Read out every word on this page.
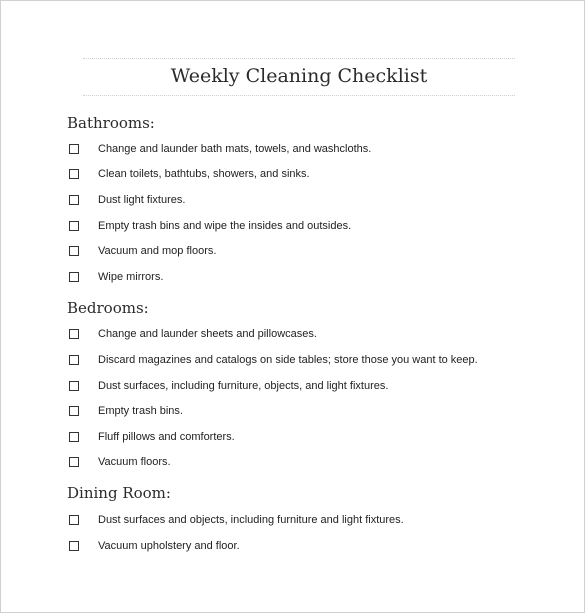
Weekly Cleaning Checklist
Bathrooms:
Change and launder bath mats, towels, and washcloths.
Clean toilets, bathtubs, showers, and sinks.
Dust light fixtures.
Empty trash bins and wipe the insides and outsides.
Vacuum and mop floors.
Wipe mirrors.
Bedrooms:
Change and launder sheets and pillowcases.
Discard magazines and catalogs on side tables; store those you want to keep.
Dust surfaces, including furniture, objects, and light fixtures.
Empty trash bins.
Fluff pillows and comforters.
Vacuum floors.
Dining Room:
Dust surfaces and objects, including furniture and light fixtures.
Vacuum upholstery and floor.
